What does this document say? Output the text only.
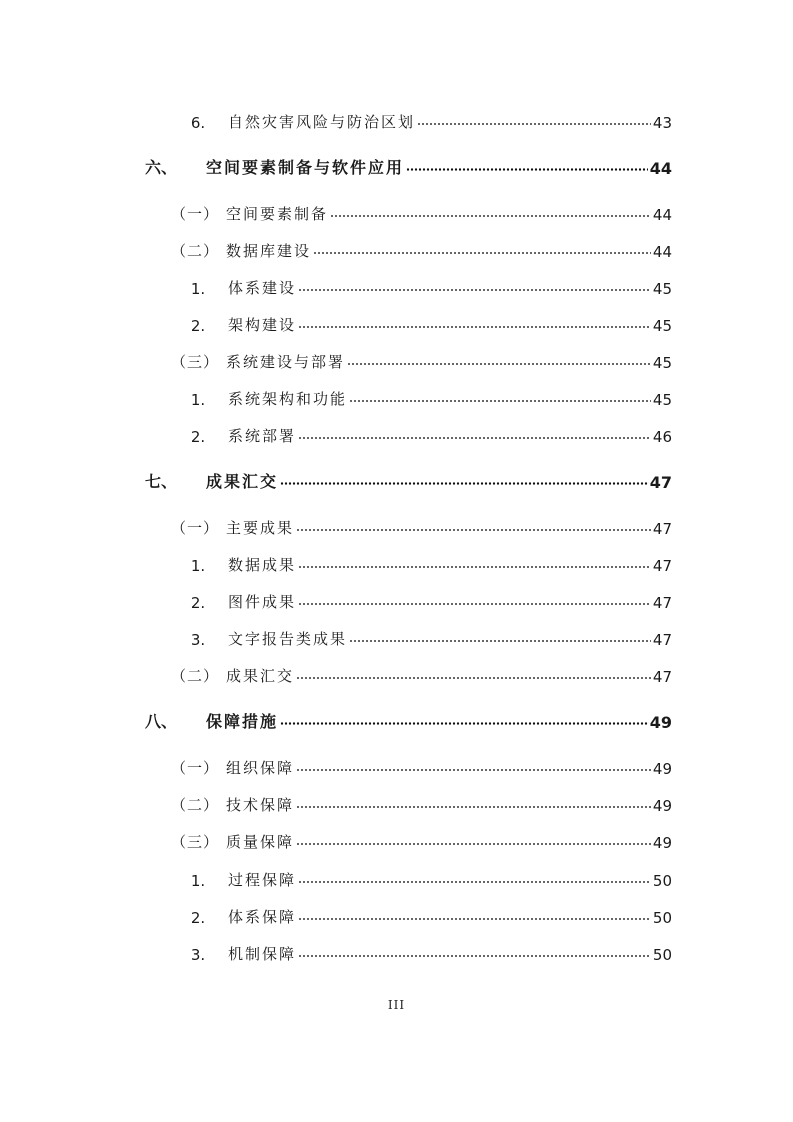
6.	自然灾害风险与防治区划	43
六、 空间要素制备与软件应用	44
（一） 空间要素制备	44
（二） 数据库建设	44
1.	体系建设	45
2.	架构建设	45
（三） 系统建设与部署	45
1.	系统架构和功能	45
2.	系统部署	46
七、 成果汇交	47
（一） 主要成果	47
1.	数据成果	47
2.	图件成果	47
3.	文字报告类成果	47
（二） 成果汇交	47
八、 保障措施	49
（一） 组织保障	49
（二） 技术保障	49
（三） 质量保障	49
1.	过程保障	50
2.	体系保障	50
3.	机制保障	50
III
